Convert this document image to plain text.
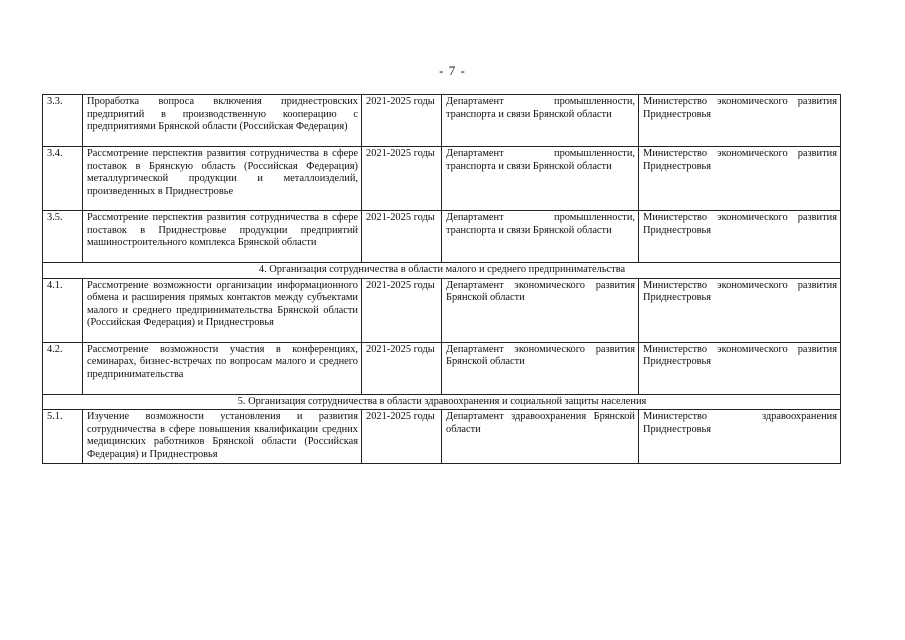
- 7 -
3.3.	Проработка вопроса включения приднестровских предприятий в производственную кооперацию с предприятиями Брянской области (Российская Федерация)	2021-2025 годы	Департамент промышленности, транспорта и связи Брянской области	Министерство экономического развития Приднестровья
3.4.	Рассмотрение перспектив развития сотрудничества в сфере поставок в Брянскую область (Российская Федерация) металлургической продукции и металлоизделий, произведенных в Приднестровье	2021-2025 годы	Департамент промышленности, транспорта и связи Брянской области	Министерство экономического развития Приднестровья
3.5.	Рассмотрение перспектив развития сотрудничества в сфере поставок в Приднестровье продукции предприятий машиностроительного комплекса Брянской области	2021-2025 годы	Департамент промышленности, транспорта и связи Брянской области	Министерство экономического развития Приднестровья
4. Организация сотрудничества в области малого и среднего предпринимательства				
4.1.	Рассмотрение возможности организации информационного обмена и расширения прямых контактов между субъектами малого и среднего предпринимательства Брянской области (Российская Федерация) и Приднестровья	2021-2025 годы	Департамент экономического развития Брянской области	Министерство экономического развития Приднестровья
4.2.	Рассмотрение возможности участия в конференциях, семинарах, бизнес-встречах по вопросам малого и среднего предпринимательства	2021-2025 годы	Департамент экономического развития Брянской области	Министерство экономического развития Приднестровья
5. Организация сотрудничества в области здравоохранения и социальной защиты населения				
5.1.	Изучение возможности установления и развития сотрудничества в сфере повышения квалификации средних медицинских работников Брянской области (Российская Федерация) и Приднестровья	2021-2025 годы	Департамент здравоохранения Брянской области	Министерство здравоохранения Приднестровья
